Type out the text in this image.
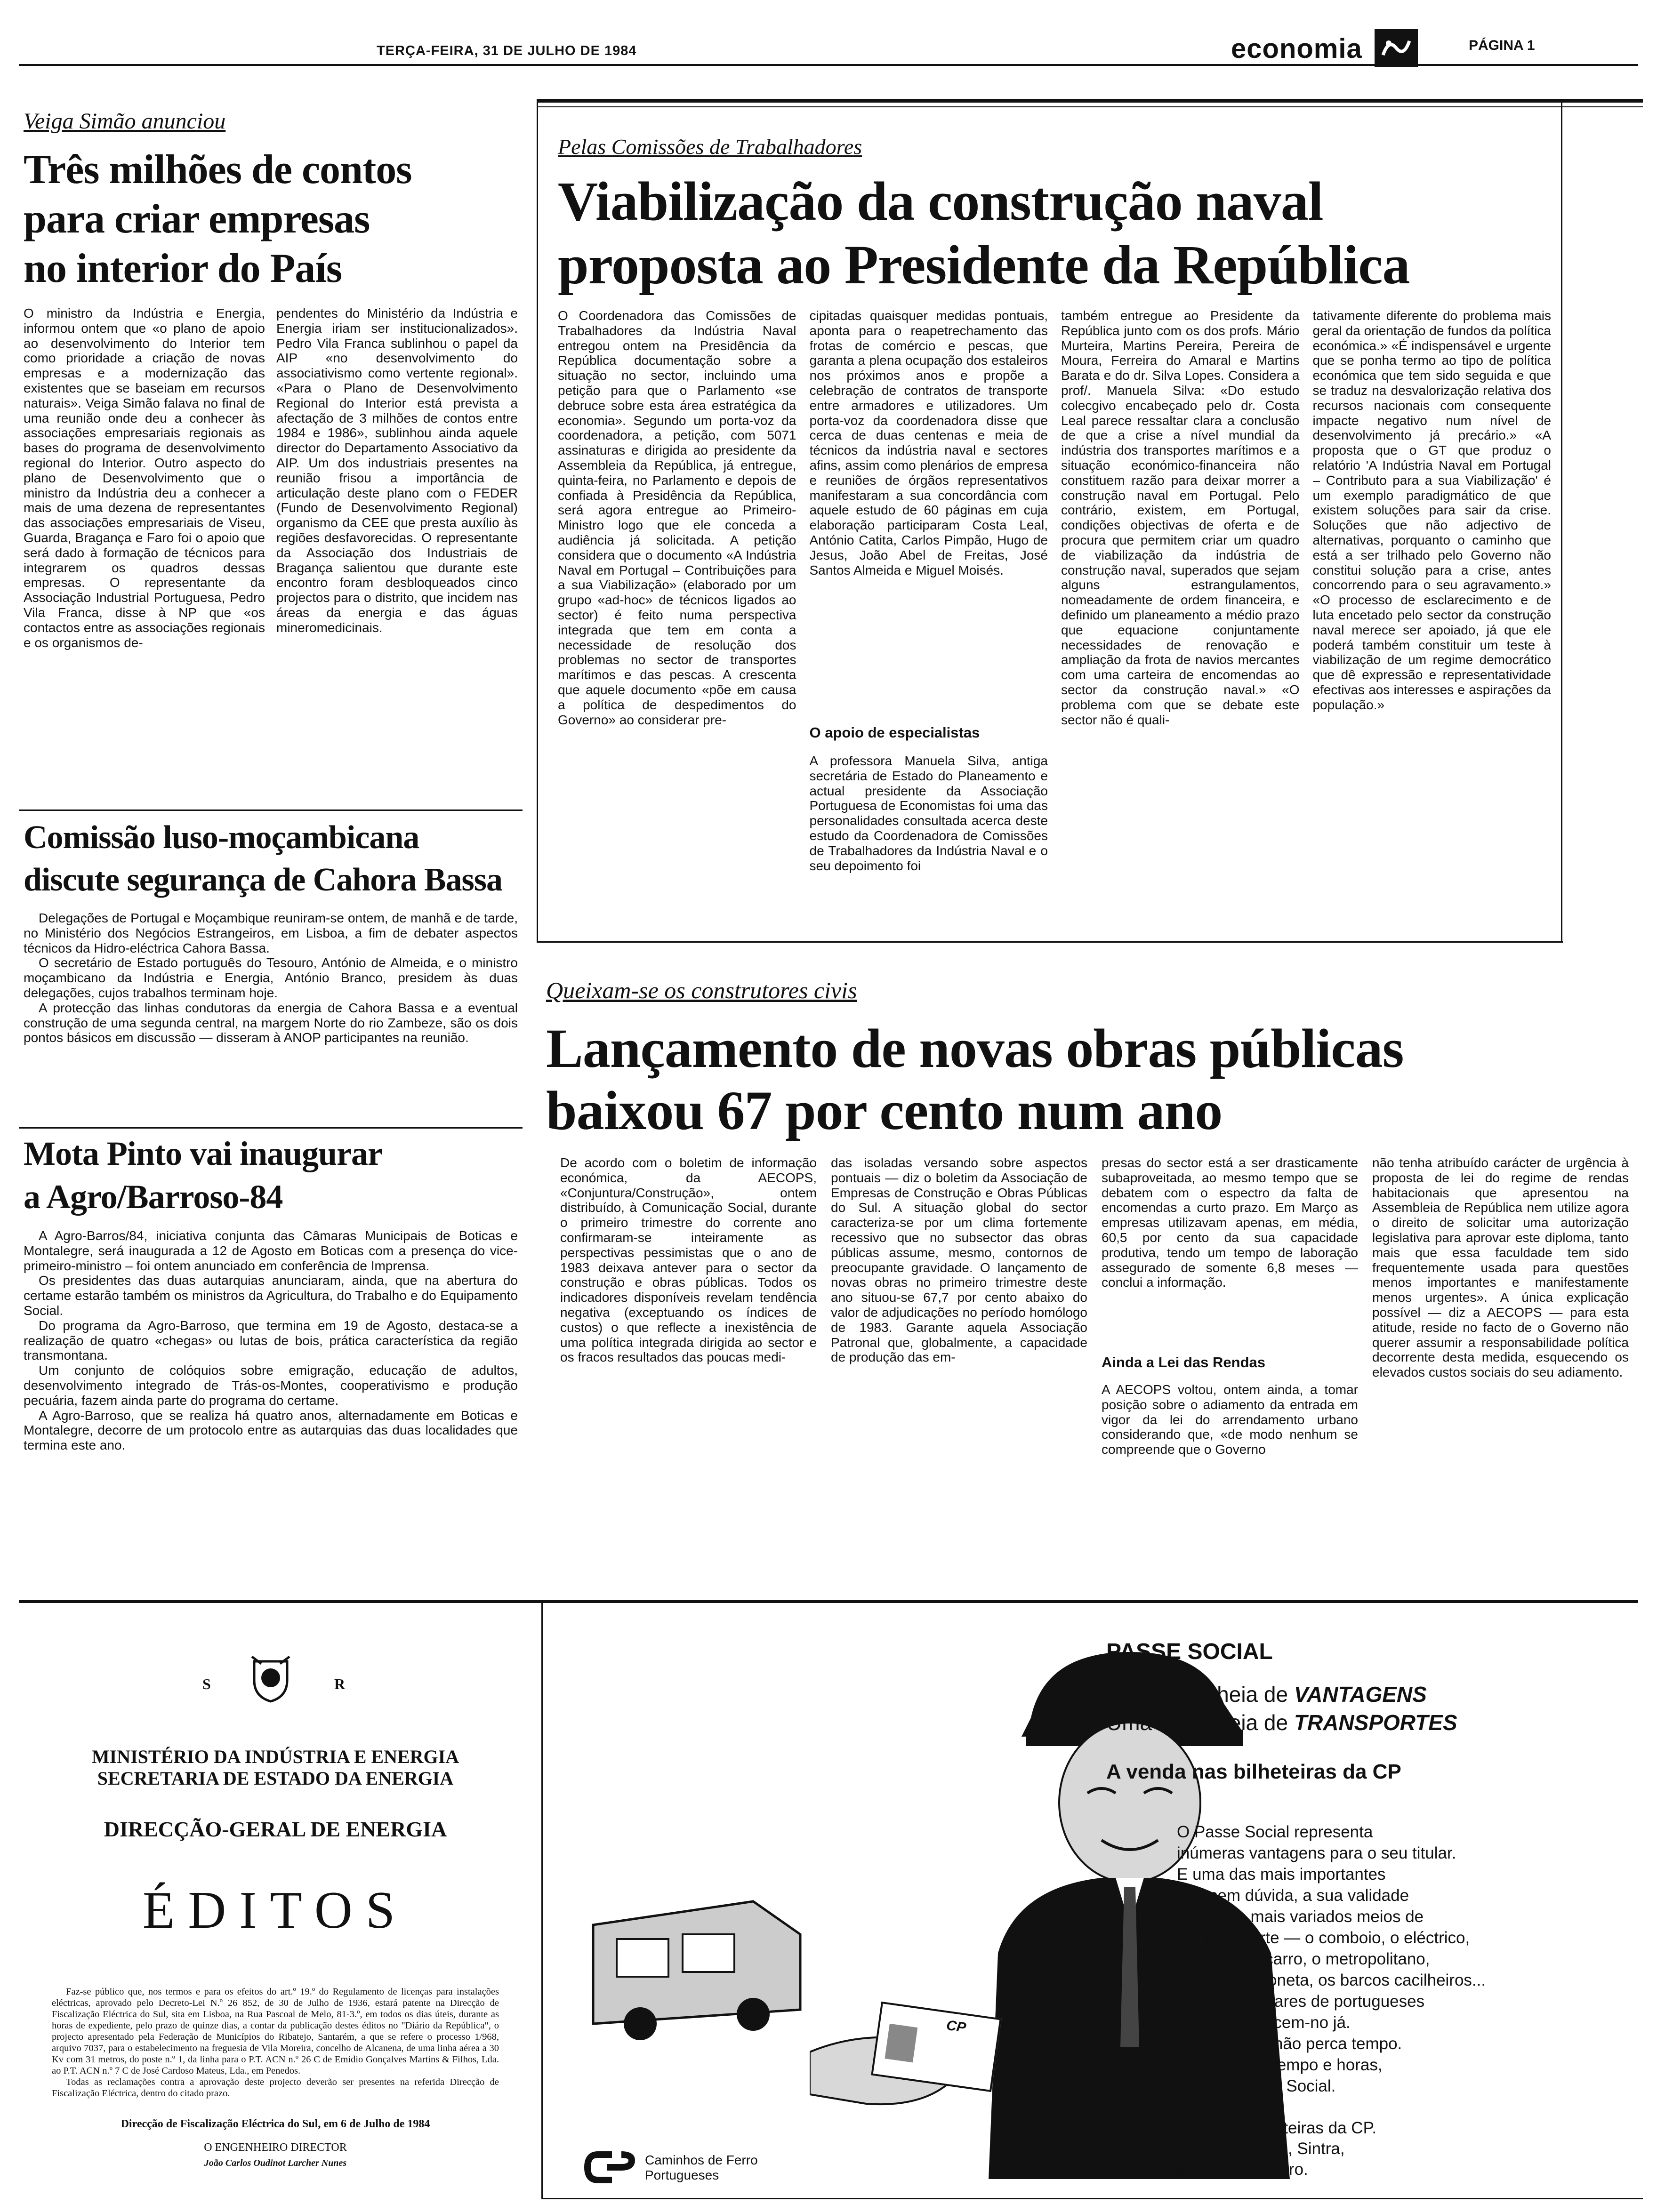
TERÇA-FEIRA, 31 DE JULHO DE 1984	economia	PÁGINA 1
Veiga Simão anunciou
Três milhões de contos
para criar empresas
no interior do País
O ministro da Indústria e Energia, informou ontem que «o plano de apoio ao desenvolvimento do Interior tem como prioridade a criação de novas empresas e a modernização das existentes que se baseiam em recursos naturais». Veiga Simão falava no final de uma reunião onde deu a conhecer às associações empresariais regionais as bases do programa de desenvolvimento regional do Interior. Outro aspecto do plano de Desenvolvimento que o ministro da Indústria deu a conhecer a mais de uma dezena de representantes das associações empresariais de Viseu, Guarda, Bragança e Faro foi o apoio que será dado à formação de técnicos para integrarem os quadros dessas empresas. O representante da Associação Industrial Portuguesa, Pedro Vila Franca, disse à NP que «os contactos entre as associações regionais e os organismos de-
pendentes do Ministério da Indústria e Energia iriam ser institucionalizados». Pedro Vila Franca sublinhou o papel da AIP «no desenvolvimento do associativismo como vertente regional». «Para o Plano de Desenvolvimento Regional do Interior está prevista a afectação de 3 milhões de contos entre 1984 e 1986», sublinhou ainda aquele director do Departamento Associativo da AIP. Um dos industriais presentes na reunião frisou a importância de articulação deste plano com o FEDER (Fundo de Desenvolvimento Regional) organismo da CEE que presta auxílio às regiões desfavorecidas. O representante da Associação dos Industriais de Bragança salientou que durante este encontro foram desbloqueados cinco projectos para o distrito, que incidem nas áreas da energia e das águas mineromedicinais.
Comissão luso-moçambicana
discute segurança de Cahora Bassa

Delegações de Portugal e Moçambique reuniram-se ontem, de manhã e de tarde, no Ministério dos Negócios Estrangeiros, em Lisboa, a fim de debater aspectos técnicos da Hidro-eléctrica Cahora Bassa.

O secretário de Estado português do Tesouro, António de Almeida, e o ministro moçambicano da Indústria e Energia, António Branco, presidem às duas delegações, cujos trabalhos terminam hoje.

A protecção das linhas condutoras da energia de Cahora Bassa e a eventual construção de uma segunda central, na margem Norte do rio Zambeze, são os dois pontos básicos em discussão — disseram à ANOP participantes na reunião.

Mota Pinto vai inaugurar
a Agro/Barroso-84

A Agro-Barros/84, iniciativa conjunta das Câmaras Municipais de Boticas e Montalegre, será inaugurada a 12 de Agosto em Boticas com a presença do vice-primeiro-ministro – foi ontem anunciado em conferência de Imprensa.

Os presidentes das duas autarquias anunciaram, ainda, que na abertura do certame estarão também os ministros da Agricultura, do Trabalho e do Equipamento Social.

Do programa da Agro-Barroso, que termina em 19 de Agosto, destaca-se a realização de quatro «chegas» ou lutas de bois, prática característica da região transmontana.

Um conjunto de colóquios sobre emigração, educação de adultos, desenvolvimento integrado de Trás-os-Montes, cooperativismo e produção pecuária, fazem ainda parte do programa do certame.

A Agro-Barroso, que se realiza há quatro anos, alternadamente em Boticas e Montalegre, decorre de um protocolo entre as autarquias das duas localidades que termina este ano.

Pelas Comissões de Trabalhadores
Viabilização da construção naval
proposta ao Presidente da República
O Coordenadora das Comissões de Trabalhadores da Indústria Naval entregou ontem na Presidência da República documentação sobre a situação no sector, incluindo uma petição para que o Parlamento «se debruce sobre esta área estratégica da economia». Segundo um porta-voz da coordenadora, a petição, com 5071 assinaturas e dirigida ao presidente da Assembleia da República, já entregue, quinta-feira, no Parlamento e depois de confiada à Presidência da República, será agora entregue ao Primeiro-Ministro logo que ele conceda a audiência já solicitada. A petição considera que o documento «A Indústria Naval em Portugal – Contribuições para a sua Viabilização» (elaborado por um grupo «ad-hoc» de técnicos ligados ao sector) é feito numa perspectiva integrada que tem em conta a necessidade de resolução dos problemas no sector de transportes marítimos e das pescas. A crescenta que aquele documento «põe em causa a política de despedimentos do Governo» ao considerar pre-
cipitadas quaisquer medidas pontuais, aponta para o reapetrechamento das frotas de comércio e pescas, que garanta a plena ocupação dos estaleiros nos próximos anos e propõe a celebração de contratos de transporte entre armadores e utilizadores. Um porta-voz da coordenadora disse que cerca de duas centenas e meia de técnicos da indústria naval e sectores afins, assim como plenários de empresa e reuniões de órgãos representativos manifestaram a sua concordância com aquele estudo de 60 páginas em cuja elaboração participaram Costa Leal, António Catita, Carlos Pimpão, Hugo de Jesus, João Abel de Freitas, José Santos Almeida e Miguel Moisés.
O apoio de especialistas
A professora Manuela Silva, antiga secretária de Estado do Planeamento e actual presidente da Associação Portuguesa de Economistas foi uma das personalidades consultada acerca deste estudo da Coordenadora de Comissões de Trabalhadores da Indústria Naval e o seu depoimento foi
também entregue ao Presidente da República junto com os dos profs. Mário Murteira, Martins Pereira, Pereira de Moura, Ferreira do Amaral e Martins Barata e do dr. Silva Lopes. Considera a prof/. Manuela Silva: «Do estudo colecgivo encabeçado pelo dr. Costa Leal parece ressaltar clara a conclusão de que a crise a nível mundial da indústria dos transportes marítimos e a situação económico-financeira não constituem razão para deixar morrer a construção naval em Portugal. Pelo contrário, existem, em Portugal, condições objectivas de oferta e de procura que permitem criar um quadro de viabilização da indústria de construção naval, superados que sejam alguns estrangulamentos, nomeadamente de ordem financeira, e definido um planeamento a médio prazo que equacione conjuntamente necessidades de renovação e ampliação da frota de navios mercantes com uma carteira de encomendas ao sector da construção naval.» «O problema com que se debate este sector não é quali-
tativamente diferente do problema mais geral da orientação de fundos da política económica.» «É indispensável e urgente que se ponha termo ao tipo de política económica que tem sido seguida e que se traduz na desvalorização relativa dos recursos nacionais com consequente impacte negativo num nível de desenvolvimento já precário.» «A proposta que o GT que produz o relatório 'A Indústria Naval em Portugal – Contributo para a sua Viabilização' é um exemplo paradigmático de que existem soluções para sair da crise. Soluções que não adjectivo de alternativas, porquanto o caminho que está a ser trilhado pelo Governo não constitui solução para a crise, antes concorrendo para o seu agravamento.» «O processo de esclarecimento e de luta encetado pelo sector da construção naval merece ser apoiado, já que ele poderá também constituir um teste à viabilização de um regime democrático que dê expressão e representatividade efectivas aos interesses e aspirações da população.»
Queixam-se os construtores civis
Lançamento de novas obras públicas
baixou 67 por cento num ano
De acordo com o boletim de informação económica, da AECOPS, «Conjuntura/Construção», ontem distribuído, à Comunicação Social, durante o primeiro trimestre do corrente ano confirmaram-se inteiramente as perspectivas pessimistas que o ano de 1983 deixava antever para o sector da construção e obras públicas. Todos os indicadores disponíveis revelam tendência negativa (exceptuando os índices de custos) o que reflecte a inexistência de uma política integrada dirigida ao sector e os fracos resultados das poucas medi-
das isoladas versando sobre aspectos pontuais — diz o boletim da Associação de Empresas de Construção e Obras Públicas do Sul. A situação global do sector caracteriza-se por um clima fortemente recessivo que no subsector das obras públicas assume, mesmo, contornos de preocupante gravidade. O lançamento de novas obras no primeiro trimestre deste ano situou-se 67,7 por cento abaixo do valor de adjudicações no período homólogo de 1983. Garante aquela Associação Patronal que, globalmente, a capacidade de produção das em-
presas do sector está a ser drasticamente subaproveitada, ao mesmo tempo que se debatem com o espectro da falta de encomendas a curto prazo. Em Março as empresas utilizavam apenas, em média, 60,5 por cento da sua capacidade produtiva, tendo um tempo de laboração assegurado de somente 6,8 meses — conclui a informação.
Ainda a Lei das Rendas
A AECOPS voltou, ontem ainda, a tomar posição sobre o adiamento da entrada em vigor da lei do arrendamento urbano considerando que, «de modo nenhum se compreende que o Governo
não tenha atribuído carácter de urgência à proposta de lei do regime de rendas habitacionais que apresentou na Assembleia de República nem utilize agora o direito de solicitar uma autorização legislativa para aprovar este diploma, tanto mais que essa faculdade tem sido frequentemente usada para questões menos importantes e manifestamente menos urgentes». A única explicação possível — diz a AECOPS — para esta atitude, reside no facto de o Governo não querer assumir a responsabilidade política decorrente desta medida, esquecendo os elevados custos sociais do seu adiamento.
S	R
MINISTÉRIO DA INDÚSTRIA E ENERGIA
SECRETARIA DE ESTADO DA ENERGIA
DIRECÇÃO-GERAL DE ENERGIA
ÉDITOS

Faz-se público que, nos termos e para os efeitos do art.º 19.º do Regulamento de licenças para instalações eléctricas, aprovado pelo Decreto-Lei N.º 26 852, de 30 de Julho de 1936, estará patente na Direcção de Fiscalização Eléctrica do Sul, sita em Lisboa, na Rua Pascoal de Melo, 81-3.º, em todos os dias úteis, durante as horas de expediente, pelo prazo de quinze dias, a contar da publicação destes éditos no "Diário da República", o projecto apresentado pela Federação de Municípios do Ribatejo, Santarém, a que se refere o processo 1/968, arquivo 7037, para o estabelecimento na freguesia de Vila Moreira, concelho de Alcanena, de uma linha aérea a 30 Kv com 31 metros, do poste n.º 1, da linha para o P.T. ACN n.º 26 C de Emídio Gonçalves Martins & Filhos, Lda. ao P.T. ACN n.º 7 C de José Cardoso Mateus, Lda., em Penedos.

Todas as reclamações contra a aprovação deste projecto deverão ser presentes na referida Direcção de Fiscalização Eléctrica, dentro do citado prazo.

Direcção de Fiscalização Eléctrica do Sul, em 6 de Julho de 1984
O ENGENHEIRO DIRECTOR
João Carlos Oudinot Larcher Nunes
CP
PASSE SOCIAL
Uma mão cheia de VANTAGENS
Uma mão cheia de TRANSPORTES
A venda nas bilheteiras da CP
O Passe Social representa
inúmeras vantagens para o seu titular.
E uma das mais importantes
é, sem dúvida, a sua validade
para os mais variados meios de
transporte — o comboio, o eléctrico,
o autocarro, o metropolitano,
a camioneta, os barcos cacilheiros...
Muitos milhares de portugueses
conhecem-no já.
Por isso, não perca tempo.
Compre, a tempo e horas,
o seu Passe Social.
A venda nas bilheteiras da CP.
Linhas de Cascais, Sintra,
Azambuja e Barreiro.
Caminhos de Ferro
Portugueses
